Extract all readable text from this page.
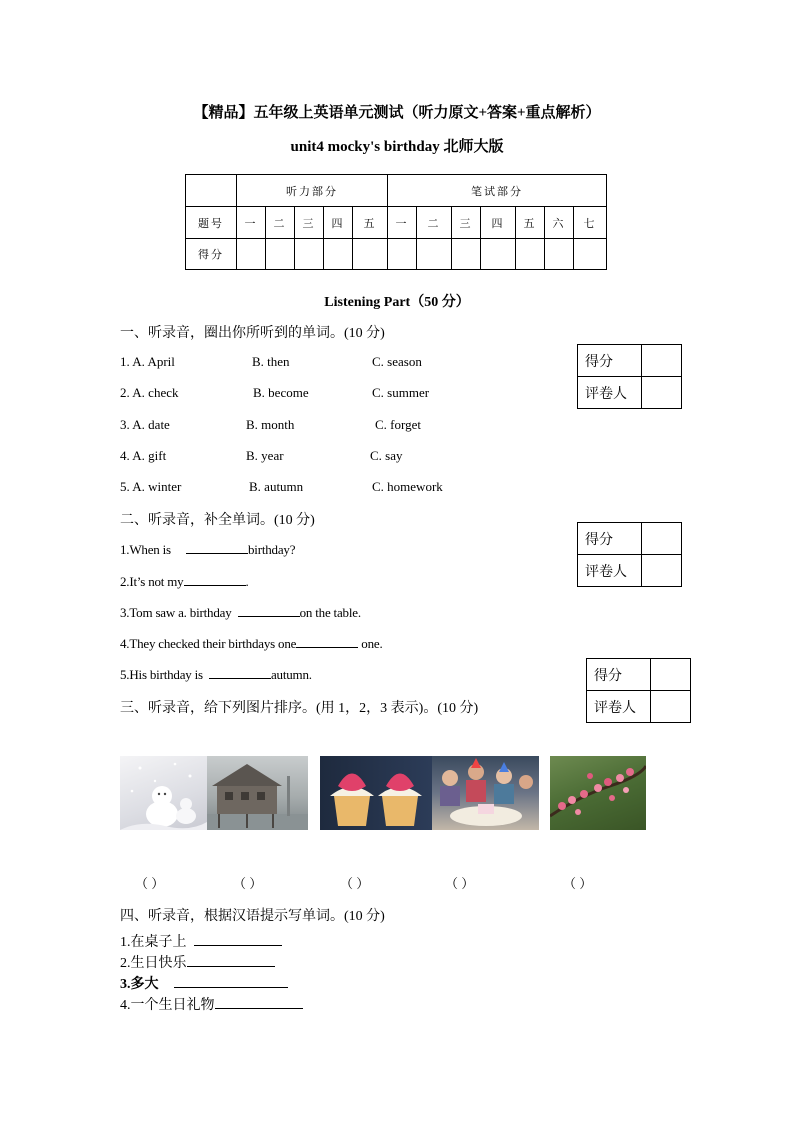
【精品】五年级上英语单元测试（听力原文+答案+重点解析）
unit4 mocky's birthday 北师大版
	听力部分					笔试部分						
题号	一	二	三	四	五	一	二	三	四	五	六	七
得分												
Listening Part（50 分）
一、听录音，圈出你所听到的单词。(10 分)
1. A. April	B. then	C. season
2. A. check	B. become	C. summer
3. A. date	B. month	C. forget
4. A. gift	B. year	C. say
5. A. winter	B. autumn	C. homework
得分	
评卷人	
二、听录音，补全单词。(10 分)
1.When is	birthday?
2.It’s not my	.
3.Tom saw a. birthday	on the table.
4.They checked their birthdays one	one.
5.His birthday is	autumn.
得分	
评卷人	
得分	
评卷人	
三、听录音，给下列图片排序。(用 1，2，3 表示)。(10 分)
（ ）	（ ）	（ ）	（ ）	（ ）
四、听录音，根据汉语提示写单词。(10 分)
1.在桌子上
2.生日快乐
3.多大
4.一个生日礼物
